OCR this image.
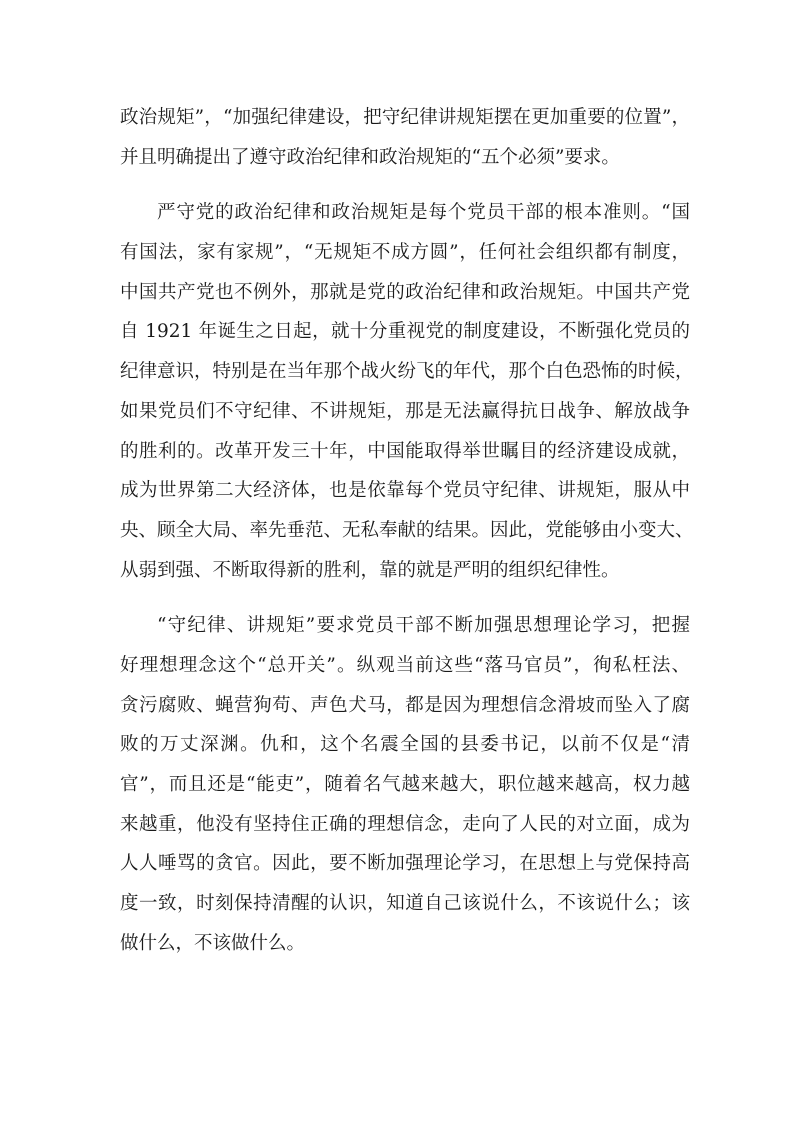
政治规矩”，“加强纪律建设，把守纪律讲规矩摆在更加重要的位置”，
并且明确提出了遵守政治纪律和政治规矩的“五个必须”要求。
严守党的政治纪律和政治规矩是每个党员干部的根本准则。“国
有国法，家有家规”，“无规矩不成方圆”，任何社会组织都有制度，
中国共产党也不例外，那就是党的政治纪律和政治规矩。中国共产党
自 1921 年诞生之日起，就十分重视党的制度建设，不断强化党员的
纪律意识，特别是在当年那个战火纷飞的年代，那个白色恐怖的时候，
如果党员们不守纪律、不讲规矩，那是无法赢得抗日战争、解放战争
的胜利的。改革开发三十年，中国能取得举世瞩目的经济建设成就，
成为世界第二大经济体，也是依靠每个党员守纪律、讲规矩，服从中
央、顾全大局、率先垂范、无私奉献的结果。因此，党能够由小变大、
从弱到强、不断取得新的胜利，靠的就是严明的组织纪律性。
“守纪律、讲规矩”要求党员干部不断加强思想理论学习，把握
好理想理念这个“总开关”。纵观当前这些“落马官员”，徇私枉法、
贪污腐败、蝇营狗苟、声色犬马，都是因为理想信念滑坡而坠入了腐
败的万丈深渊。仇和，这个名震全国的县委书记，以前不仅是“清
官”，而且还是“能吏”，随着名气越来越大，职位越来越高，权力越
来越重，他没有坚持住正确的理想信念，走向了人民的对立面，成为
人人唾骂的贪官。因此，要不断加强理论学习，在思想上与党保持高
度一致，时刻保持清醒的认识，知道自己该说什么，不该说什么；该
做什么，不该做什么。
